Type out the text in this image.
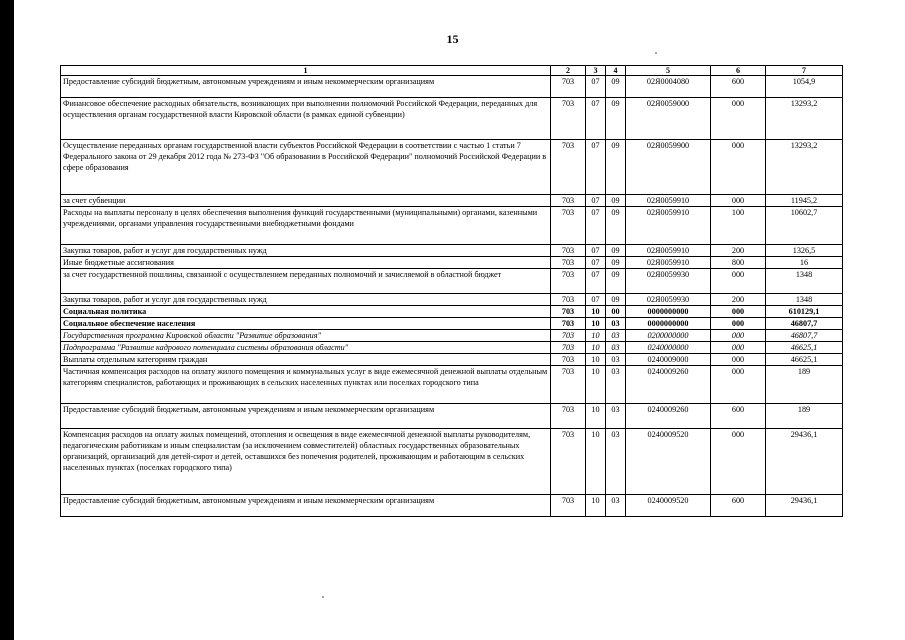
15
1	2	3	4	5	6	7
Предоставление субсидий бюджетным, автономным учреждениям и иным некоммерческим организациям	703	07	09	02Я0004080	600	1054,9
Финансовое обеспечение расходных обязательств, возникающих при выполнении полномочий Российской Федерации, переданных для осуществления органам государственной власти Кировской области (в рамках единой субвенции)	703	07	09	02Я0059000	000	13293,2
Осуществление переданных органам государственной власти субъектов Российской Федерации в соответствии с частью 1 статьи 7 Федерального закона от 29 декабря 2012 года № 273-ФЗ "Об образовании в Российской Федерации" полномочий Российской Федерации в сфере образования	703	07	09	02Я0059900	000	13293,2
за счет субвенции	703	07	09	02Я0059910	000	11945,2
Расходы на выплаты персоналу в целях обеспечения выполнения функций государственными (муниципальными) органами, казенными учреждениями, органами управления государственными внебюджетными фондами	703	07	09	02Я0059910	100	10602,7
Закупка товаров, работ и услуг для государственных нужд	703	07	09	02Я0059910	200	1326,5
Иные бюджетные ассигнования	703	07	09	02Я0059910	800	16
за счет государственной пошлины, связанной с осуществлением переданных полномочий и зачисляемой в областной бюджет	703	07	09	02Я0059930	000	1348
Закупка товаров, работ и услуг для государственных нужд	703	07	09	02Я0059930	200	1348
Социальная политика	703	10	00	0000000000	000	610129,1
Социальное обеспечение населения	703	10	03	0000000000	000	46807,7
Государственная программа Кировской области "Развитие образования"	703	10	03	0200000000	000	46807,7
Подпрограмма "Развитие кадрового потенциала системы образования области"	703	10	03	0240000000	000	46625,1
Выплаты отдельным категориям граждан	703	10	03	0240009000	000	46625,1
Частичная компенсация расходов на оплату жилого помещения и коммунальных услуг в виде ежемесячной денежной выплаты отдельным категориям специалистов, работающих и проживающих в сельских населенных пунктах или поселках городского типа	703	10	03	0240009260	000	189
Предоставление субсидий бюджетным, автономным учреждениям и иным некоммерческим организациям	703	10	03	0240009260	600	189
Компенсация расходов на оплату жилых помещений, отопления и освещения в виде ежемесячной денежной выплаты руководителям, педагогическим работникам и иным специалистам (за исключением совместителей) областных государственных образовательных организаций, организаций для детей-сирот и детей, оставшихся без попечения родителей, проживающим и работающим в сельских населенных пунктах (поселках городского типа)	703	10	03	0240009520	000	29436,1
Предоставление субсидий бюджетным, автономным учреждениям и иным некоммерческим организациям	703	10	03	0240009520	600	29436,1
